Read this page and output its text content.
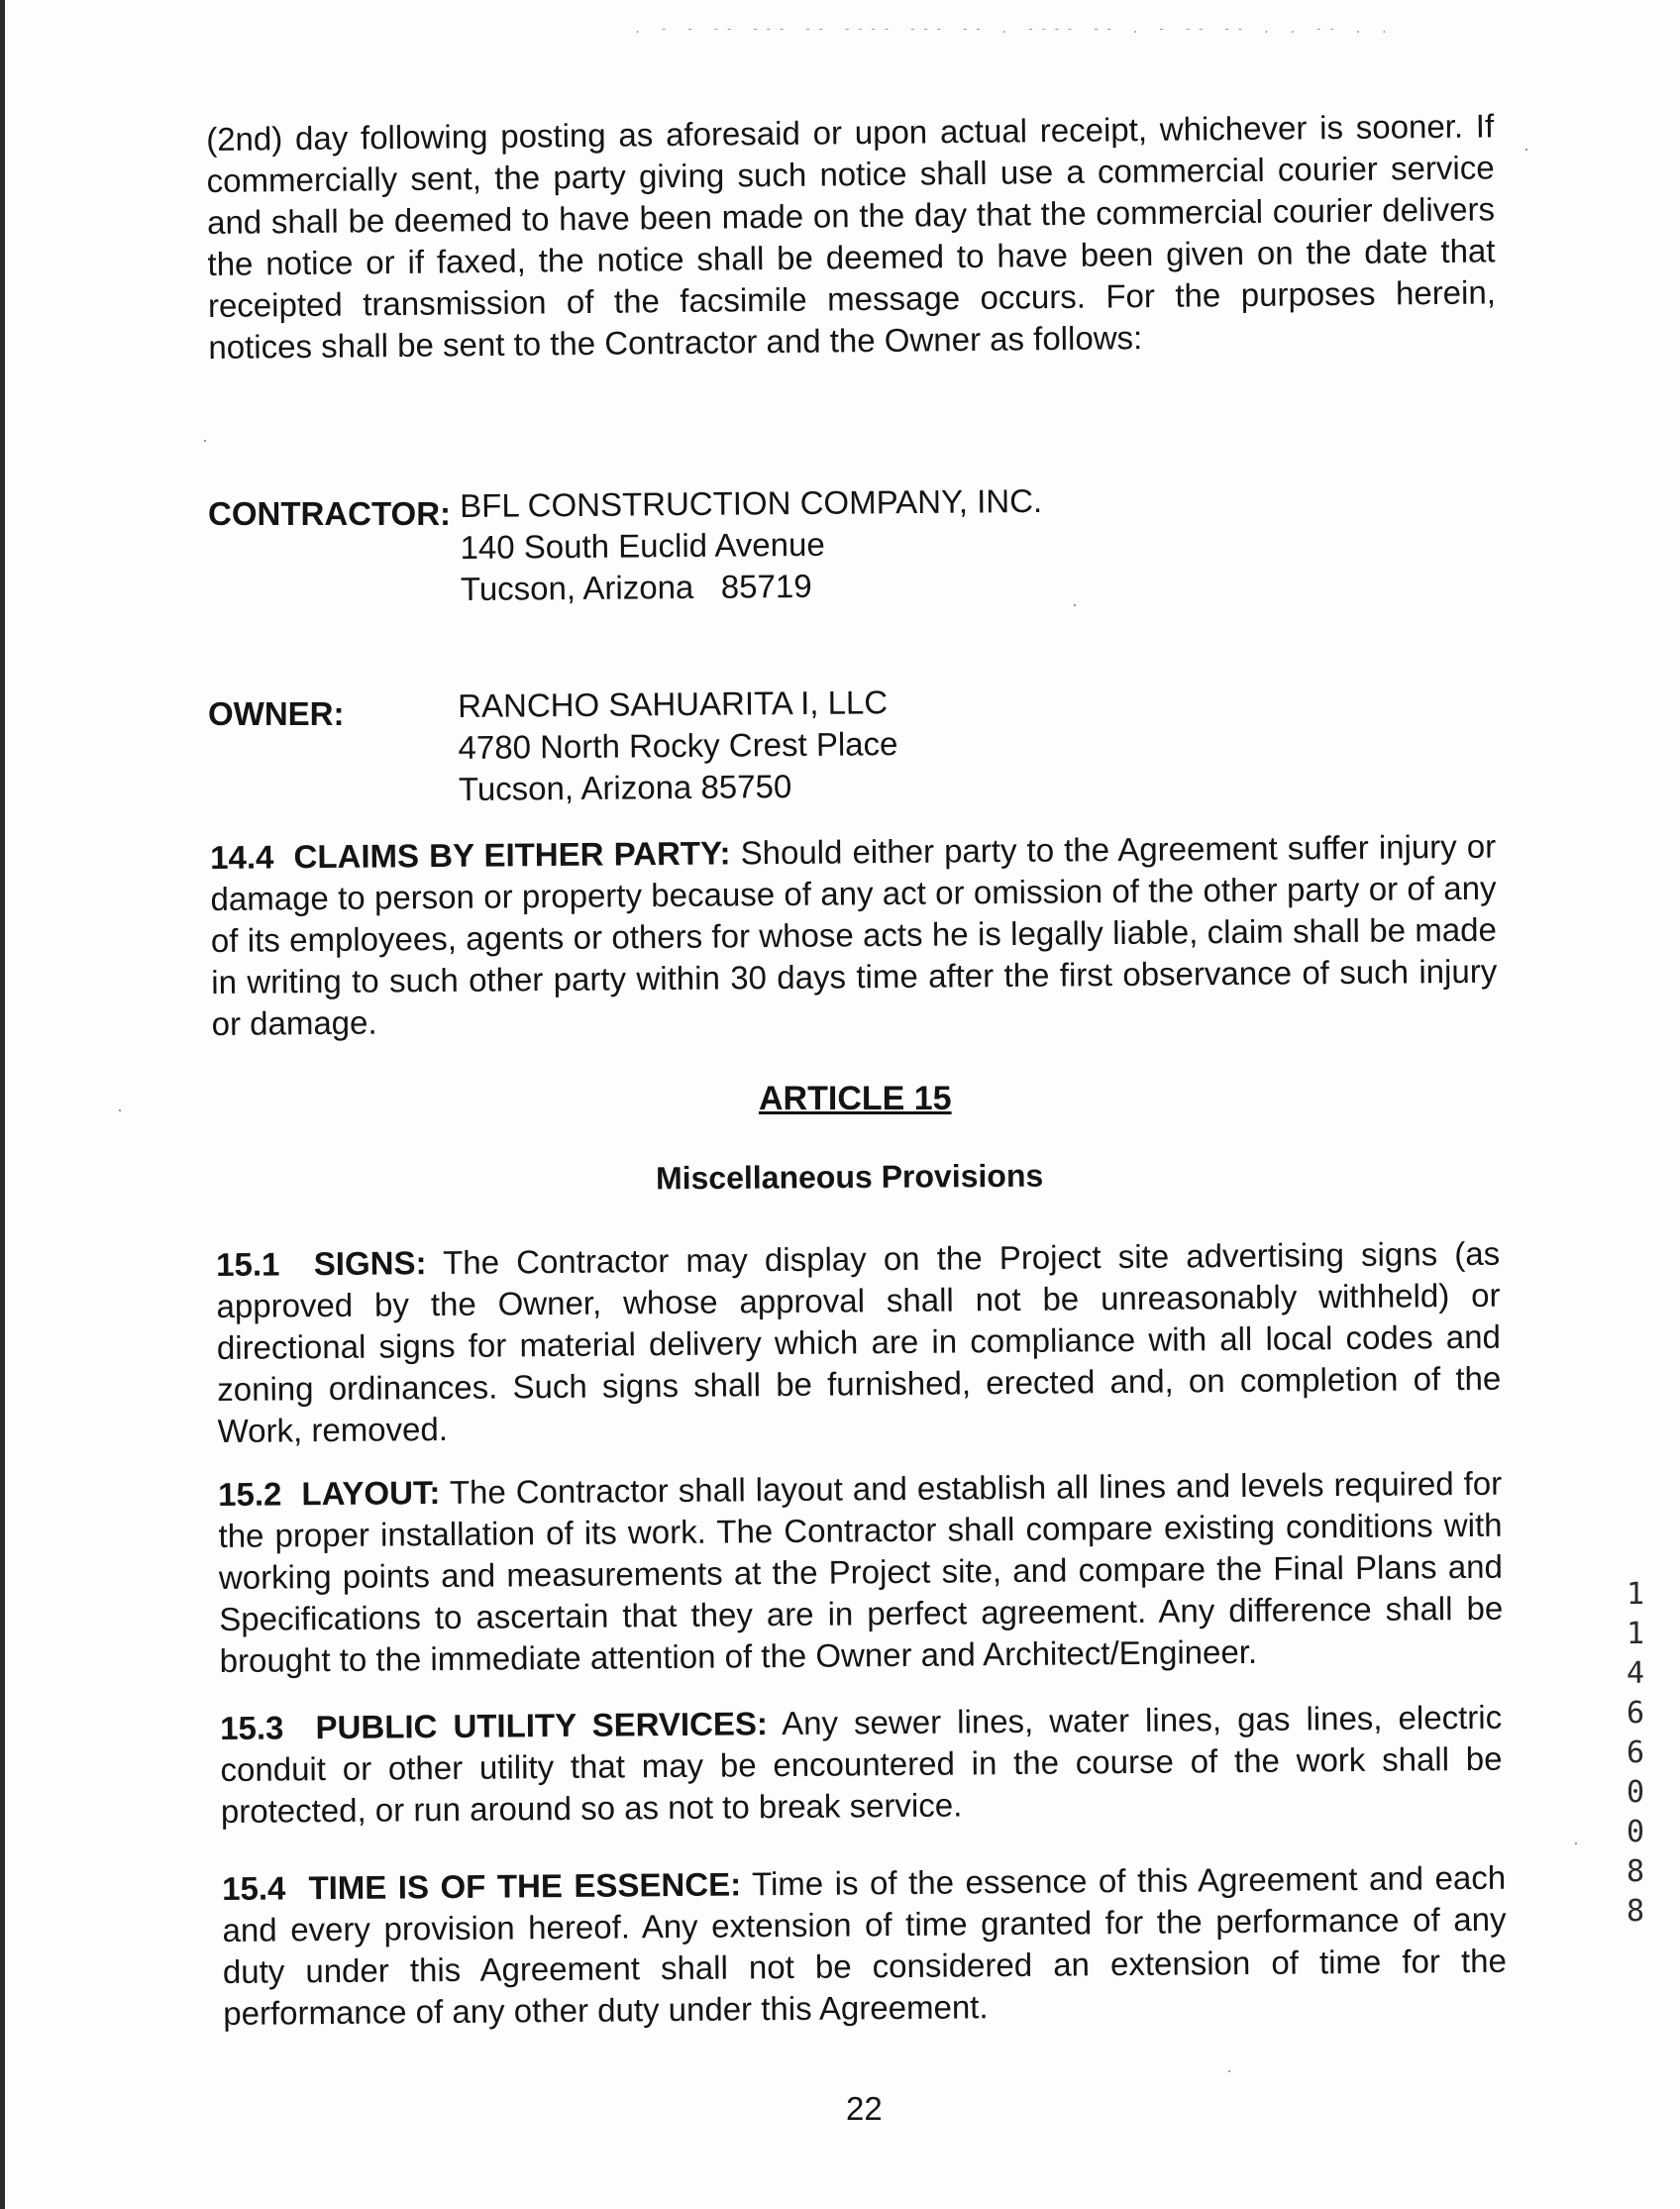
. - - -- --- -- ---- --- -- . ---- -- . - -- -- . . -- . .
(2nd) day following posting as aforesaid or upon actual receipt, whichever is sooner. If commercially sent, the party giving such notice shall use a commercial courier service and shall be deemed to have been made on the day that the commercial courier delivers the notice or if faxed, the notice shall be deemed to have been given on the date that receipted transmission of the facsimile message occurs. For the purposes herein, notices shall be sent to the Contractor and the Owner as follows:
CONTRACTOR: BFL CONSTRUCTION COMPANY, INC.
140 South Euclid Avenue
Tucson, Arizona   85719
OWNER:	RANCHO SAHUARITA I, LLC
4780 North Rocky Crest Place
Tucson, Arizona 85750
14.4  CLAIMS BY EITHER PARTY: Should either party to the Agreement suffer injury or damage to person or property because of any act or omission of the other party or of any of its employees, agents or others for whose acts he is legally liable, claim shall be made in writing to such other party within 30 days time after the first observance of such injury or damage.
ARTICLE 15
Miscellaneous Provisions
15.1  SIGNS: The Contractor may display on the Project site advertising signs (as approved by the Owner, whose approval shall not be unreasonably withheld) or directional signs for material delivery which are in compliance with all local codes and zoning ordinances. Such signs shall be furnished, erected and, on completion of the Work, removed.
15.2  LAYOUT: The Contractor shall layout and establish all lines and levels required for the proper installation of its work. The Contractor shall compare existing conditions with working points and measurements at the Project site, and compare the Final Plans and Specifications to ascertain that they are in perfect agreement. Any difference shall be brought to the immediate attention of the Owner and Architect/Engineer.
15.3  PUBLIC UTILITY SERVICES: Any sewer lines, water lines, gas lines, electric conduit or other utility that may be encountered in the course of the work shall be protected, or run around so as not to break service.
15.4  TIME IS OF THE ESSENCE: Time is of the essence of this Agreement and each and every provision hereof. Any extension of time granted for the performance of any duty under this Agreement shall not be considered an extension of time for the performance of any other duty under this Agreement.
11466 0088
22
